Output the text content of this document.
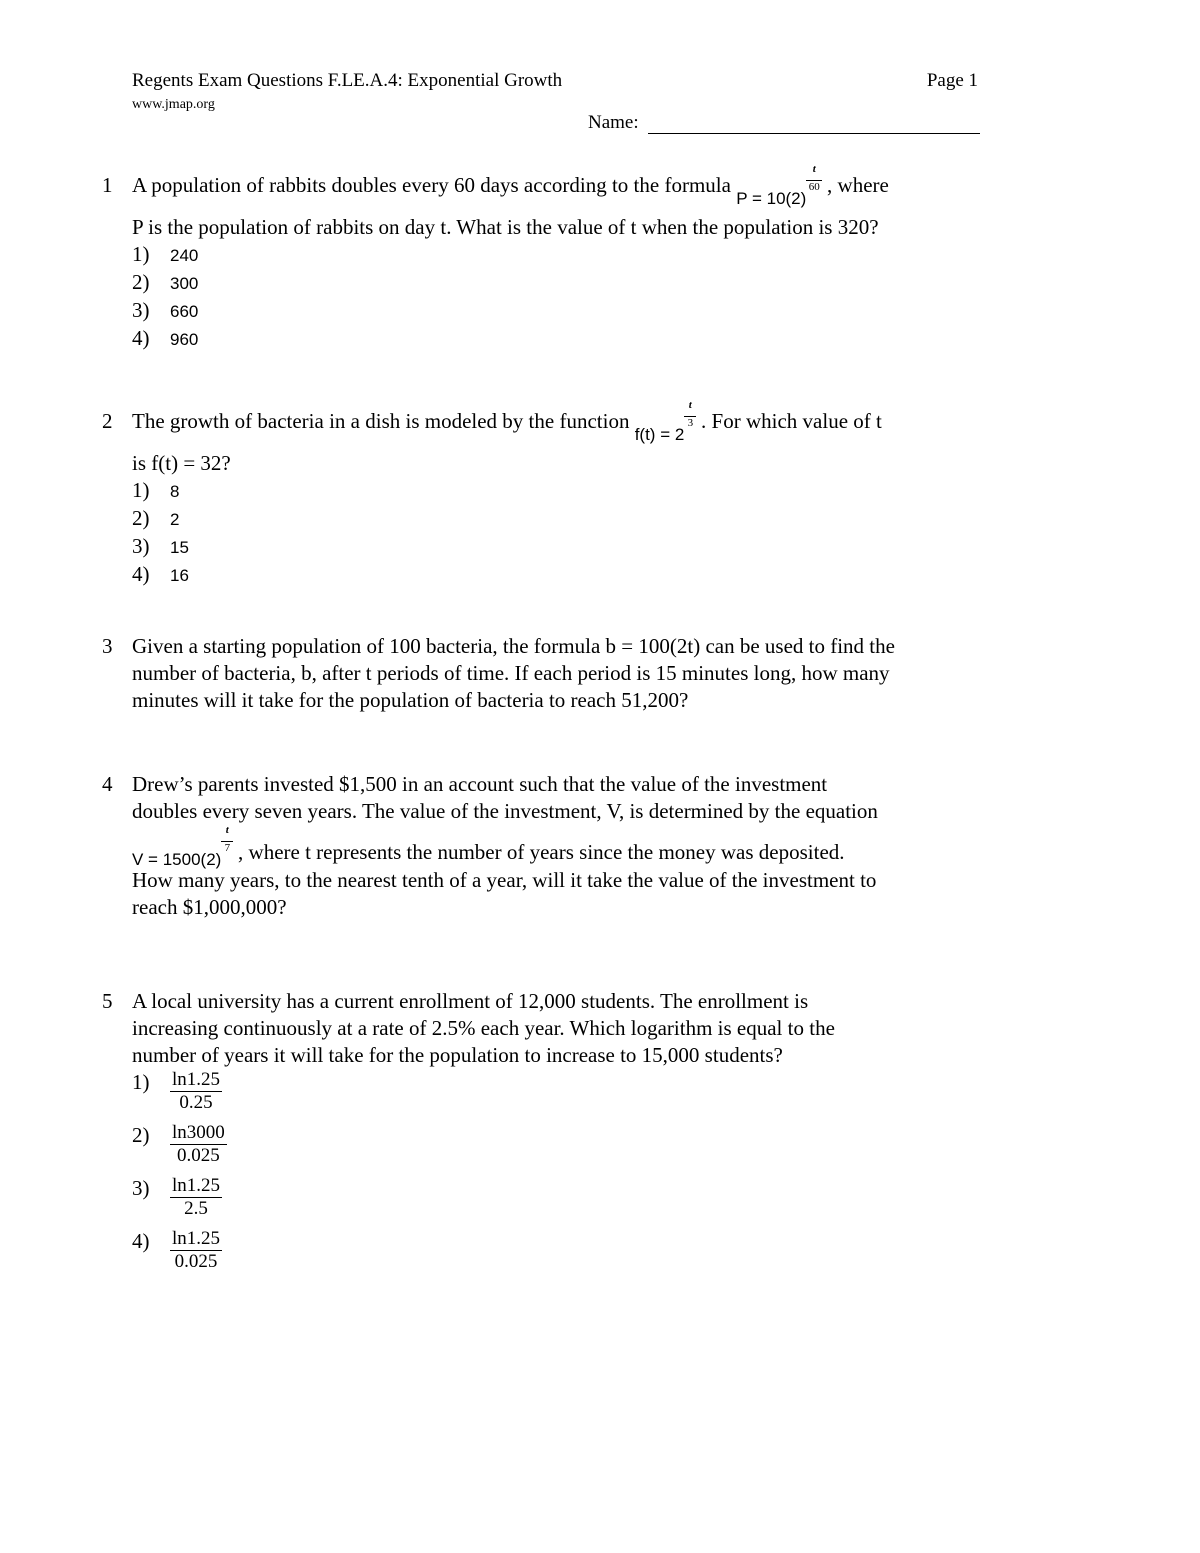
Regents Exam Questions F.LE.A.4: Exponential Growth
www.jmap.org
Page 1
Name:
1 A population of rabbits doubles every 60 days according to the formula $_{P = 10(2) \frac{t}{60}}$
, where
P is the population of rabbits on day t. What is the value of t when the population is 320?
1) 240
2) 300
3) 660
4) 960
2 The growth of bacteria in a dish is modeled by the function $_{f(t) = 2 \frac{t}{3}}$
. For which value of t
is f(t) = 32?
1) 8
2) 2
3) 15
4) 16
3 Given a starting population of 100 bacteria, the formula b = 100(2t) can be used to find the
number of bacteria, b, after t periods of time. If each period is 15 minutes long, how many
minutes will it take for the population of bacteria to reach 51,200?
4 Drew’s parents invested $1,500 in an account such that the value of the investment
doubles every seven years. The value of the investment, V, is determined by the equation
$_{V = 1500(2) \frac{t}{7}}$ , where t represents the number of years since the money was deposited.
How many years, to the nearest tenth of a year, will it take the value of the investment to
reach $1,000,000?
5 A local university has a current enrollment of 12,000 students. The enrollment is
increasing continuously at a rate of 2.5% each year. Which logarithm is equal to the
number of years it will take for the population to increase to 15,000 students?
$1) \frac{\ln 1.25}{0.25}$
$2) \frac{\ln 3000}{0.025}$
$3) \frac{\ln 1.25}{2.5}$
$4) \frac{\ln 1.25}{0.025}$
